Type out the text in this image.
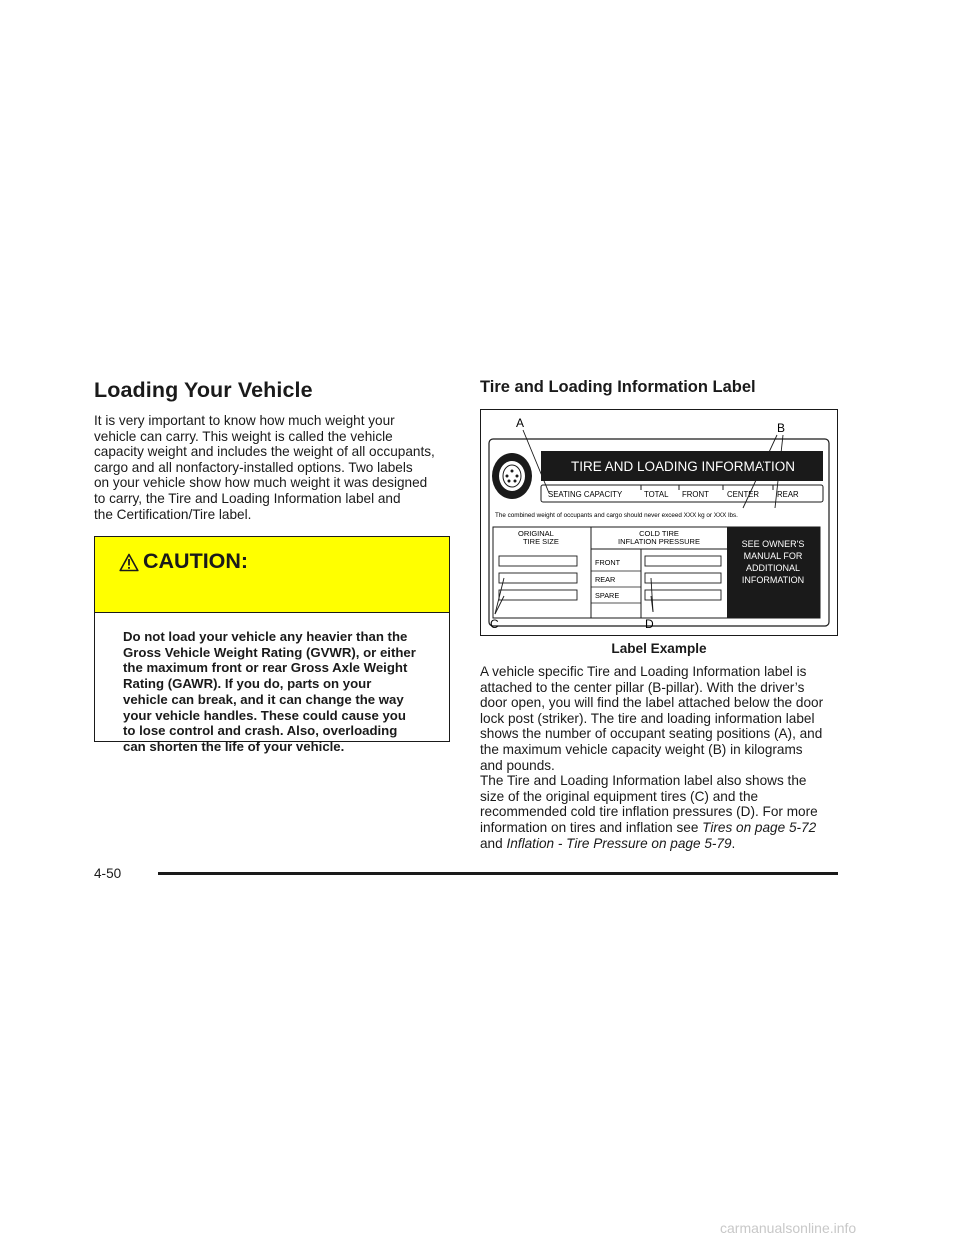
Loading Your Vehicle

It is very important to know how much weight your
vehicle can carry. This weight is called the vehicle
capacity weight and includes the weight of all occupants,
cargo and all nonfactory-installed options. Two labels
on your vehicle show how much weight it was designed
to carry, the Tire and Loading Information label and
the Certification/Tire label.

CAUTION:
Do not load your vehicle any heavier than the
Gross Vehicle Weight Rating (GVWR), or either
the maximum front or rear Gross Axle Weight
Rating (GAWR). If you do, parts on your
vehicle can break, and it can change the way
your vehicle handles. These could cause you
to lose control and crash. Also, overloading
can shorten the life of your vehicle.
Tire and Loading Information Label
TIRE AND LOADING INFORMATION
SEATING CAPACITY	TOTAL FRONT CENTER REAR
The combined weight of occupants and cargo should never exceed XXX kg or XXX lbs.
ORIGINAL
TIRE SIZE
COLD TIRE
INFLATION PRESSURE
FRONT
REAR
SPARE
SEE OWNER'S
MANUAL FOR
ADDITIONAL
INFORMATION
A	B
C	D
Label Example

A vehicle specific Tire and Loading Information label is
attached to the center pillar (B-pillar). With the driver’s
door open, you will find the label attached below the door
lock post (striker). The tire and loading information label
shows the number of occupant seating positions (A), and
the maximum vehicle capacity weight (B) in kilograms
and pounds.

The Tire and Loading Information label also shows the
size of the original equipment tires (C) and the
recommended cold tire inflation pressures (D). For more
information on tires and inflation see Tires on page 5-72
and Inflation - Tire Pressure on page 5-79.

4-50
carmanualsonline.info
